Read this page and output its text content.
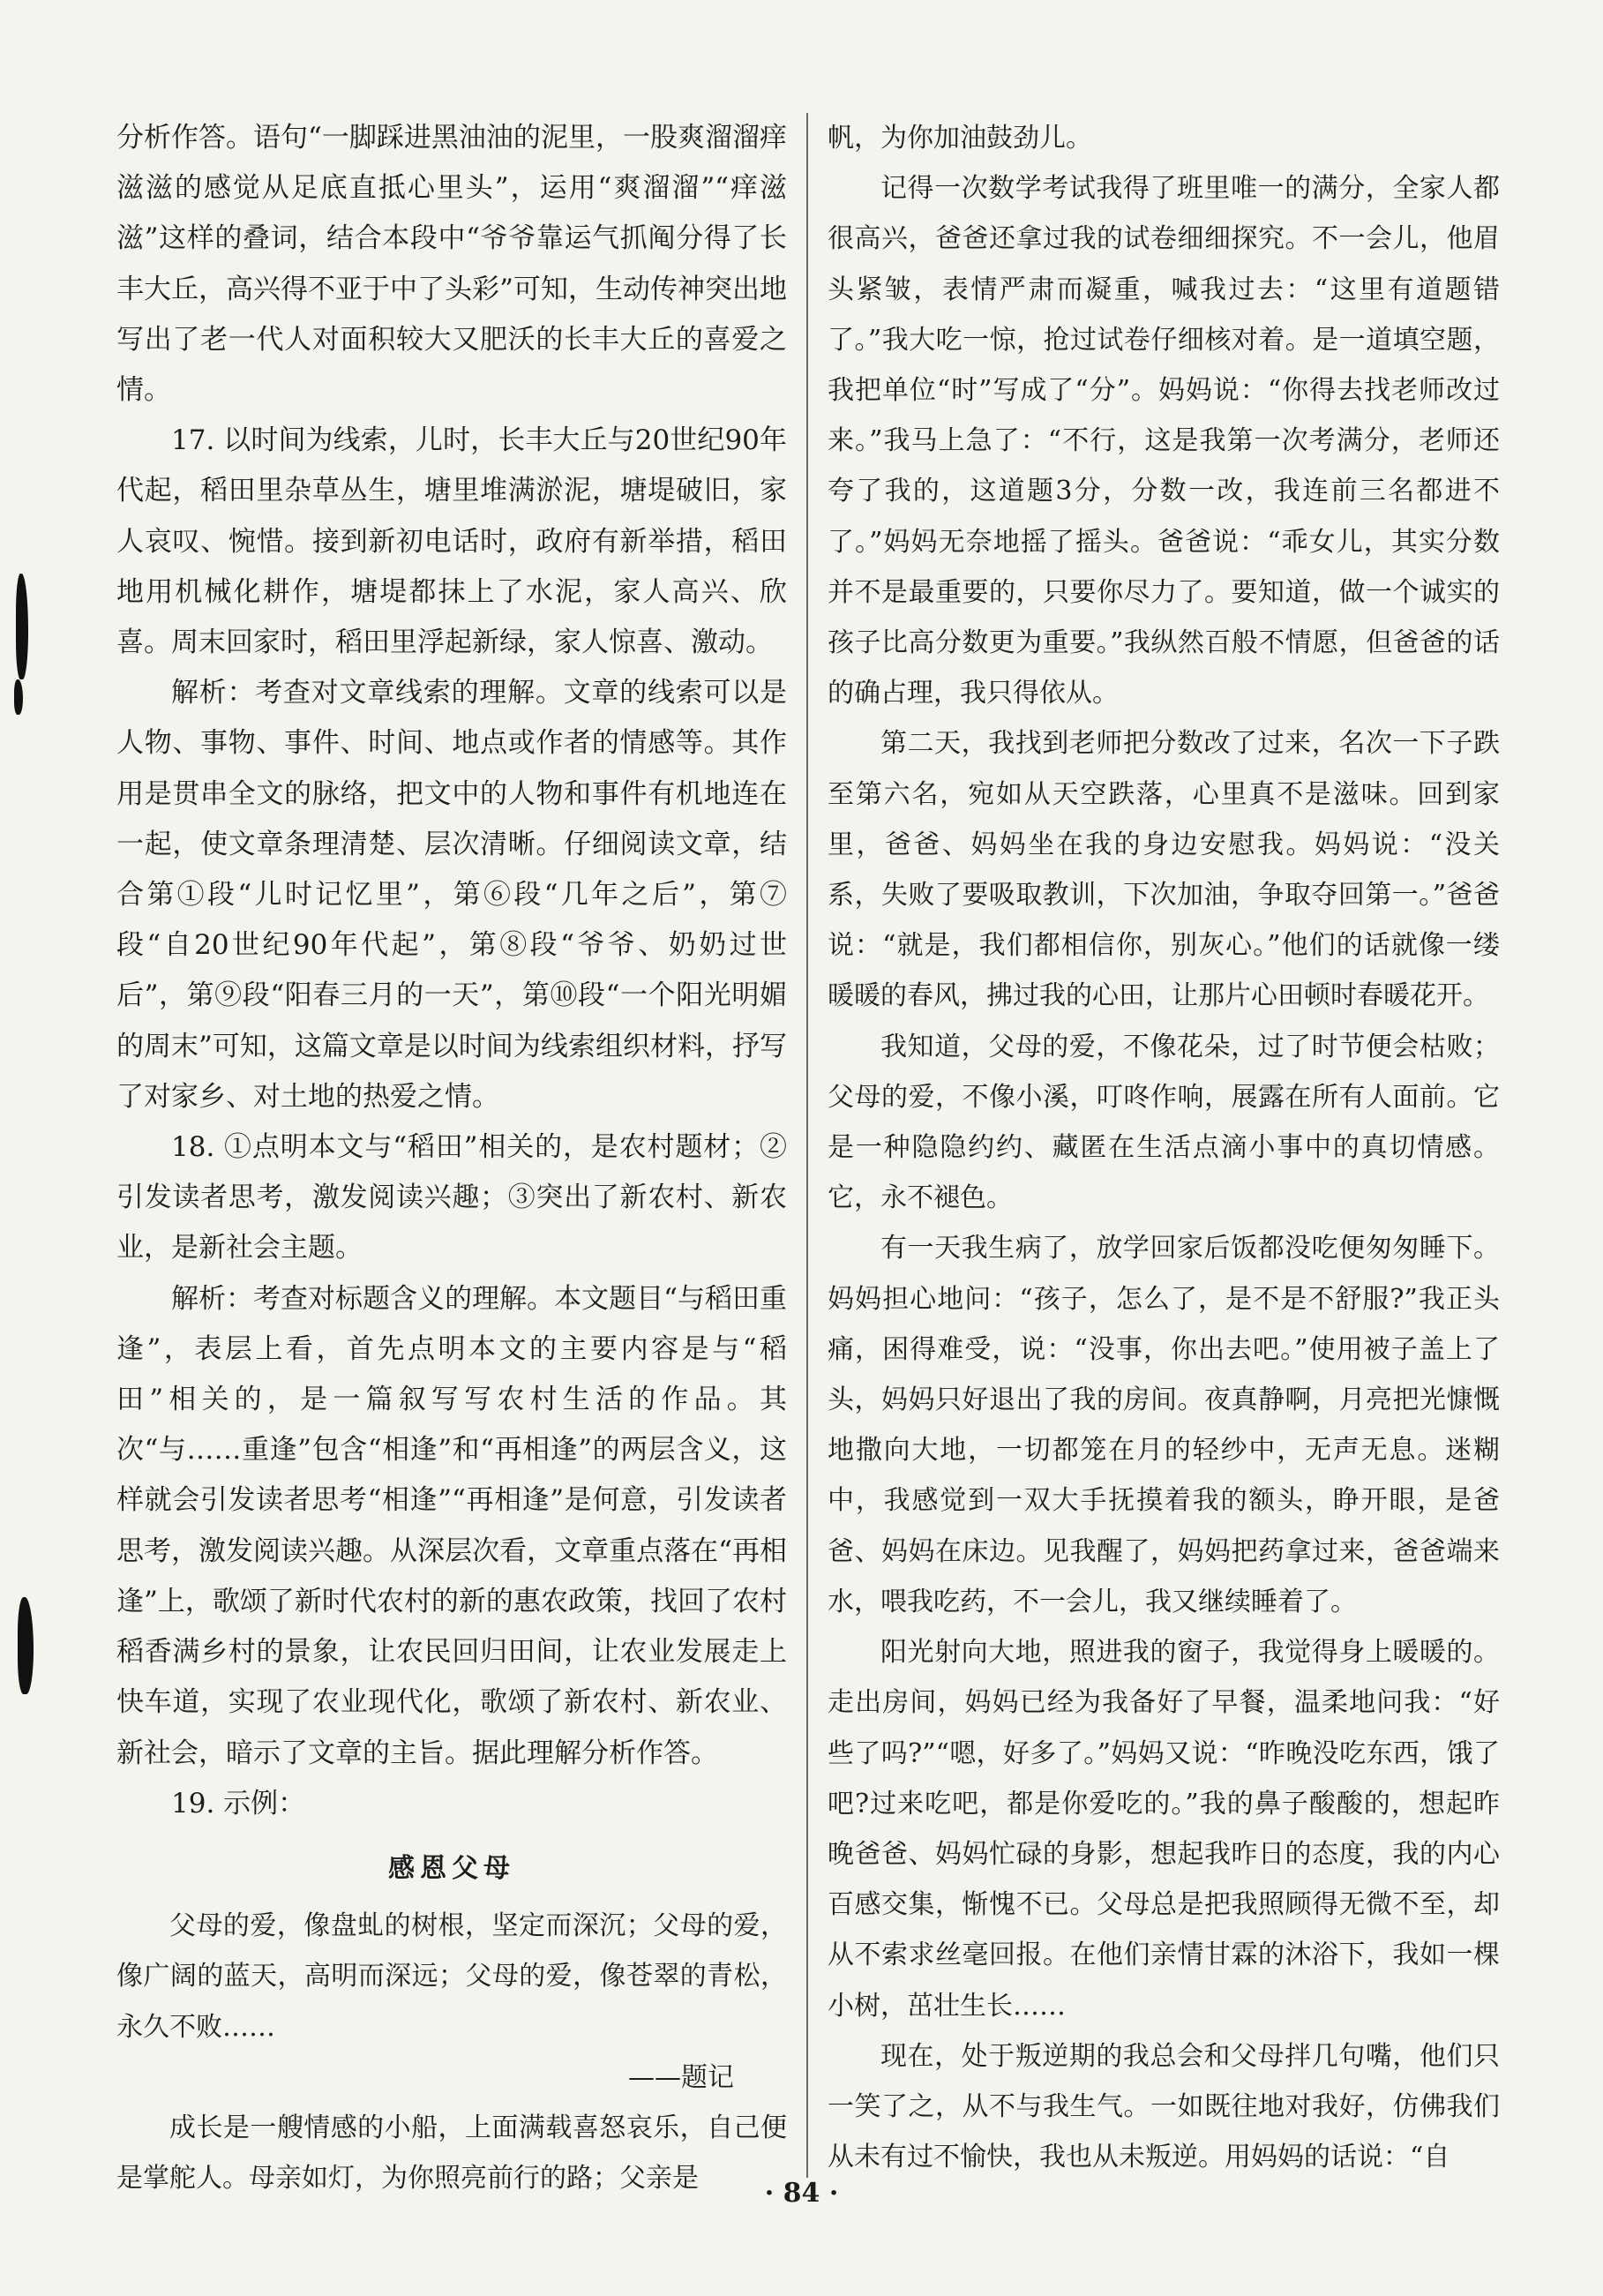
分析作答。语句“一脚踩进黑油油的泥里，一股爽溜溜痒滋滋的感觉从足底直抵心里头”，运用“爽溜溜”“痒滋滋”这样的叠词，结合本段中“爷爷靠运气抓阄分得了长丰大丘，高兴得不亚于中了头彩”可知，生动传神突出地写出了老一代人对面积较大又肥沃的长丰大丘的喜爱之情。

17. 以时间为线索，儿时，长丰大丘与20世纪90年代起，稻田里杂草丛生，塘里堆满淤泥，塘堤破旧，家人哀叹、惋惜。接到新初电话时，政府有新举措，稻田地用机械化耕作，塘堤都抹上了水泥，家人高兴、欣喜。周末回家时，稻田里浮起新绿，家人惊喜、激动。

解析：考查对文章线索的理解。文章的线索可以是人物、事物、事件、时间、地点或作者的情感等。其作用是贯串全文的脉络，把文中的人物和事件有机地连在一起，使文章条理清楚、层次清晰。仔细阅读文章，结合第①段“儿时记忆里”，第⑥段“几年之后”，第⑦段“自20世纪90年代起”，第⑧段“爷爷、奶奶过世后”，第⑨段“阳春三月的一天”，第⑩段“一个阳光明媚的周末”可知，这篇文章是以时间为线索组织材料，抒写了对家乡、对土地的热爱之情。

18. ①点明本文与“稻田”相关的，是农村题材；②引发读者思考，激发阅读兴趣；③突出了新农村、新农业，是新社会主题。

解析：考查对标题含义的理解。本文题目“与稻田重逢”，表层上看，首先点明本文的主要内容是与“稻田”相关的，是一篇叙写写农村生活的作品。其次“与……重逢”包含“相逢”和“再相逢”的两层含义，这样就会引发读者思考“相逢”“再相逢”是何意，引发读者思考，激发阅读兴趣。从深层次看，文章重点落在“再相逢”上，歌颂了新时代农村的新的惠农政策，找回了农村稻香满乡村的景象，让农民回归田间，让农业发展走上快车道，实现了农业现代化，歌颂了新农村、新农业、新社会，暗示了文章的主旨。据此理解分析作答。

19. 示例：

感恩父母

父母的爱，像盘虬的树根，坚定而深沉；父母的爱，像广阔的蓝天，高明而深远；父母的爱，像苍翠的青松，永久不败……

——题记

成长是一艘情感的小船，上面满载喜怒哀乐，自己便是掌舵人。母亲如灯，为你照亮前行的路；父亲是

帆，为你加油鼓劲儿。

记得一次数学考试我得了班里唯一的满分，全家人都很高兴，爸爸还拿过我的试卷细细探究。不一会儿，他眉头紧皱，表情严肃而凝重，喊我过去：“这里有道题错了。”我大吃一惊，抢过试卷仔细核对着。是一道填空题，我把单位“时”写成了“分”。妈妈说：“你得去找老师改过来。”我马上急了：“不行，这是我第一次考满分，老师还夸了我的，这道题3分，分数一改，我连前三名都进不了。”妈妈无奈地摇了摇头。爸爸说：“乖女儿，其实分数并不是最重要的，只要你尽力了。要知道，做一个诚实的孩子比高分数更为重要。”我纵然百般不情愿，但爸爸的话的确占理，我只得依从。

第二天，我找到老师把分数改了过来，名次一下子跌至第六名，宛如从天空跌落，心里真不是滋味。回到家里，爸爸、妈妈坐在我的身边安慰我。妈妈说：“没关系，失败了要吸取教训，下次加油，争取夺回第一。”爸爸说：“就是，我们都相信你，别灰心。”他们的话就像一缕暖暖的春风，拂过我的心田，让那片心田顿时春暖花开。

我知道，父母的爱，不像花朵，过了时节便会枯败；父母的爱，不像小溪，叮咚作响，展露在所有人面前。它是一种隐隐约约、藏匿在生活点滴小事中的真切情感。它，永不褪色。

有一天我生病了，放学回家后饭都没吃便匆匆睡下。妈妈担心地问：“孩子，怎么了，是不是不舒服?”我正头痛，困得难受，说：“没事，你出去吧。”使用被子盖上了头，妈妈只好退出了我的房间。夜真静啊，月亮把光慷慨地撒向大地，一切都笼在月的轻纱中，无声无息。迷糊中，我感觉到一双大手抚摸着我的额头，睁开眼，是爸爸、妈妈在床边。见我醒了，妈妈把药拿过来，爸爸端来水，喂我吃药，不一会儿，我又继续睡着了。

阳光射向大地，照进我的窗子，我觉得身上暖暖的。走出房间，妈妈已经为我备好了早餐，温柔地问我：“好些了吗?”“嗯，好多了。”妈妈又说：“昨晚没吃东西，饿了吧?过来吃吧，都是你爱吃的。”我的鼻子酸酸的，想起昨晚爸爸、妈妈忙碌的身影，想起我昨日的态度，我的内心百感交集，惭愧不已。父母总是把我照顾得无微不至，却从不索求丝毫回报。在他们亲情甘霖的沐浴下，我如一棵小树，茁壮生长……

现在，处于叛逆期的我总会和父母拌几句嘴，他们只一笑了之，从不与我生气。一如既往地对我好，仿佛我们从未有过不愉快，我也从未叛逆。用妈妈的话说：“自

· 84 ·
